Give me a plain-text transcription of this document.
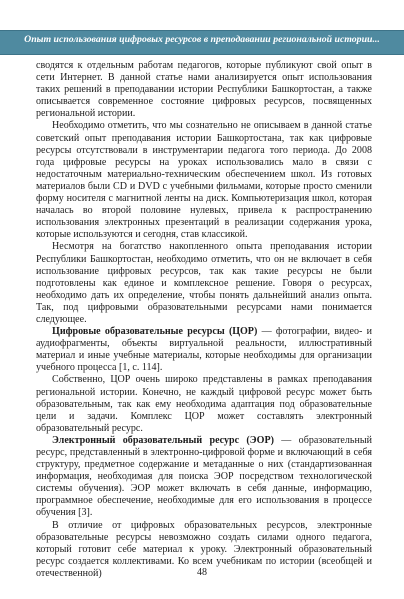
Опыт использования цифровых ресурсов в преподавании региональной истории...

сводятся к отдельным работам педагогов, которые публикуют свой опыт в сети Интернет. В данной статье нами анализируется опыт использования таких решений в преподавании истории Республики Башкортостан, а также описывается современное состояние цифровых ресурсов, посвященных региональной истории.

Необходимо отметить, что мы сознательно не описываем в данной статье советский опыт преподавания истории Башкортостана, так как цифровые ресурсы отсутствовали в инструментарии педагога того периода. До 2008 года цифровые ресурсы на уроках использовались мало в связи с недостаточным материально-техническим обеспечением школ. Из готовых материалов были CD и DVD с учебными фильмами, которые просто сменили форму носителя с магнитной ленты на диск. Компьютеризация школ, которая началась во второй половине нулевых, привела к распространению использования электронных презентаций в реализации содержания урока, которые используются и сегодня, став классикой.

Несмотря на богатство накопленного опыта преподавания истории Республики Башкортостан, необходимо отметить, что он не включает в себя использование цифровых ресурсов, так как такие ресурсы не были подготовлены как единое и комплексное решение. Говоря о ресурсах, необходимо дать их определение, чтобы понять дальнейший анализ опыта. Так, под цифровыми образовательными ресурсами нами понимается следующее.

Цифровые образовательные ресурсы (ЦОР) — фотографии, видео- и аудиофрагменты, объекты виртуальной реальности, иллюстративный материал и иные учебные материалы, которые необходимы для организации учебного процесса [1, с. 114].

Собственно, ЦОР очень широко представлены в рамках преподавания региональной истории. Конечно, не каждый цифровой ресурс может быть образовательным, так как ему необходима адаптация под образовательные цели и задачи. Комплекс ЦОР может составлять электронный образовательный ресурс.

Электронный образовательный ресурс (ЭОР) — образовательный ресурс, представленный в электронно-цифровой форме и включающий в себя структуру, предметное содержание и метаданные о них (стандартизованная информация, необходимая для поиска ЭОР посредством технологической системы обучения). ЭОР может включать в себя данные, информацию, программное обеспечение, необходимые для его использования в процессе обучения [3].

В отличие от цифровых образовательных ресурсов, электронные образовательные ресурсы невозможно создать силами одного педагога, который готовит себе материал к уроку. Электронный образовательный ресурс создается коллективами. Ко всем учебникам по истории (всеобщей и отечественной)	48
